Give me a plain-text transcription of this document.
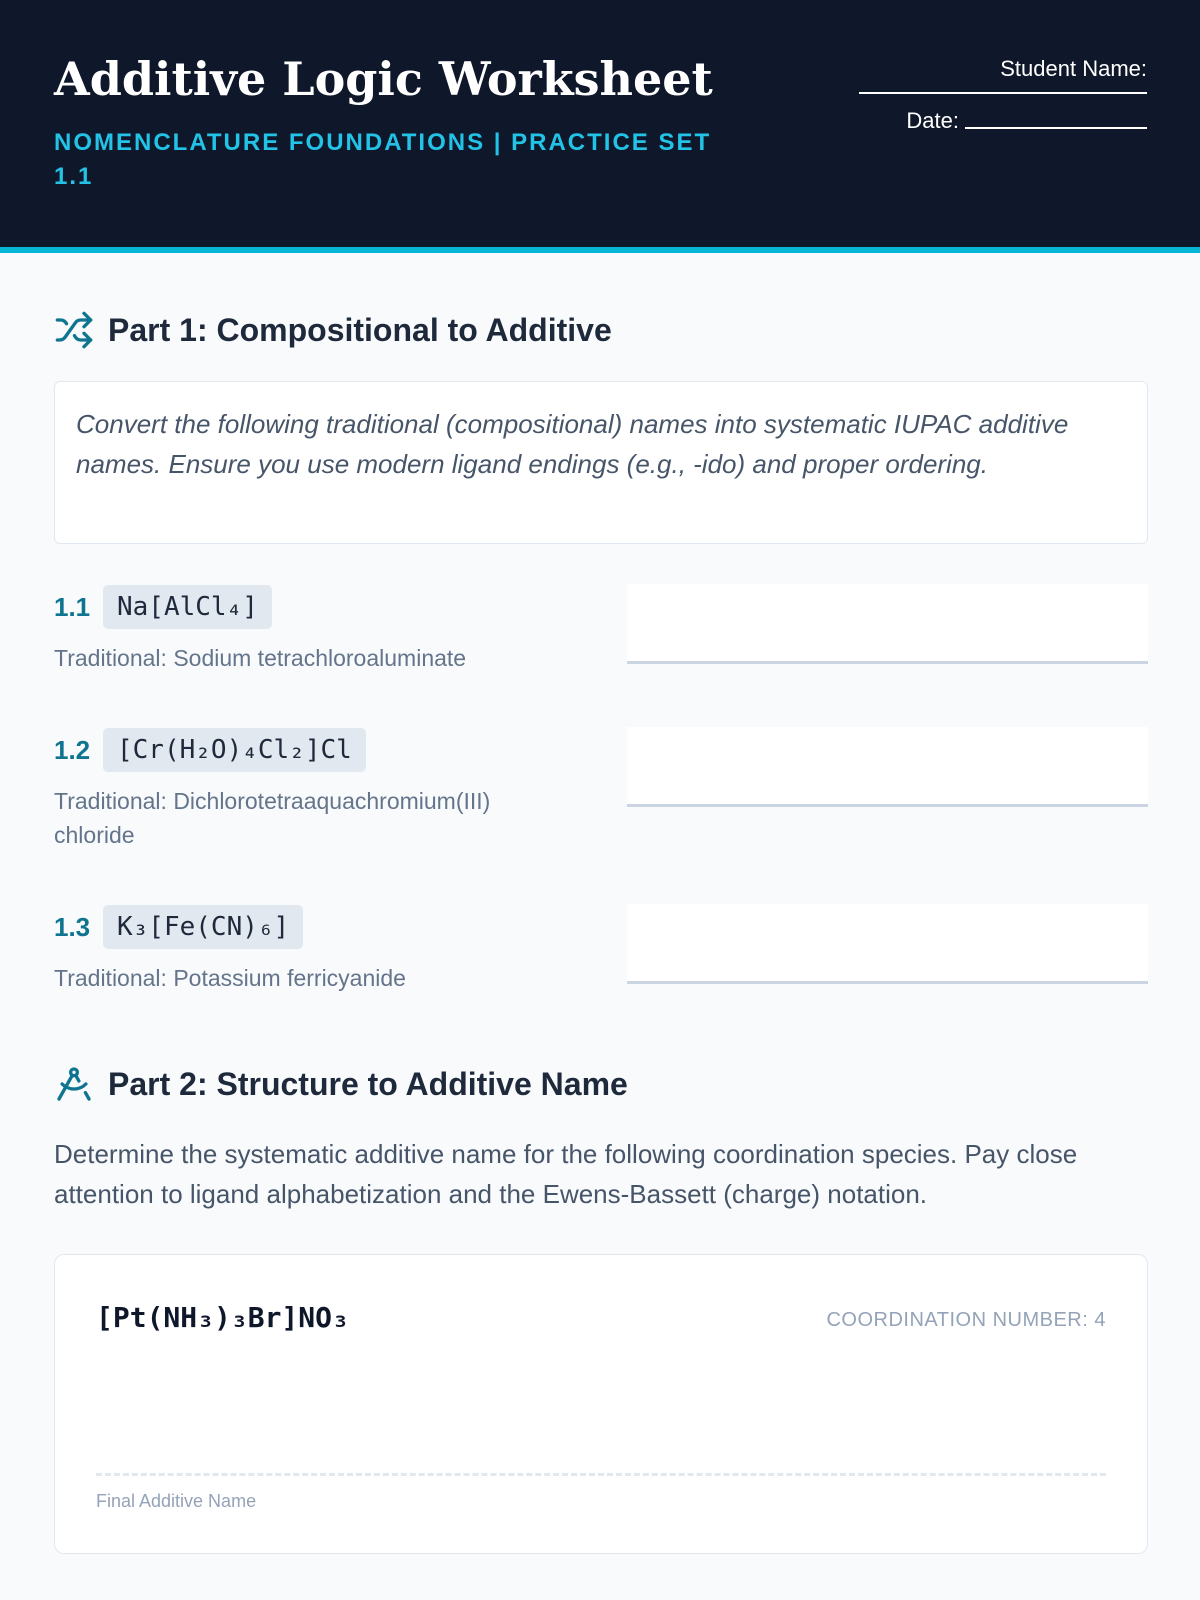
Additive Logic Worksheet
NOMENCLATURE FOUNDATIONS | PRACTICE SET 1.1
Student Name:
Date:
Part 1: Compositional to Additive
Convert the following traditional (compositional) names into systematic IUPAC additive names. Ensure you use modern ligand endings (e.g., -ido) and proper ordering.
1.1	Na[AlCl₄]
Traditional: Sodium tetrachloroaluminate
1.2	[Cr(H₂O)₄Cl₂]Cl
Traditional: Dichlorotetraaquachromium(III) chloride
1.3	K₃[Fe(CN)₆]
Traditional: Potassium ferricyanide
Part 2: Structure to Additive Name
Determine the systematic additive name for the following coordination species. Pay close attention to ligand alphabetization and the Ewens-Bassett (charge) notation.
[Pt(NH₃)₃Br]NO₃	COORDINATION NUMBER: 4
Final Additive Name
